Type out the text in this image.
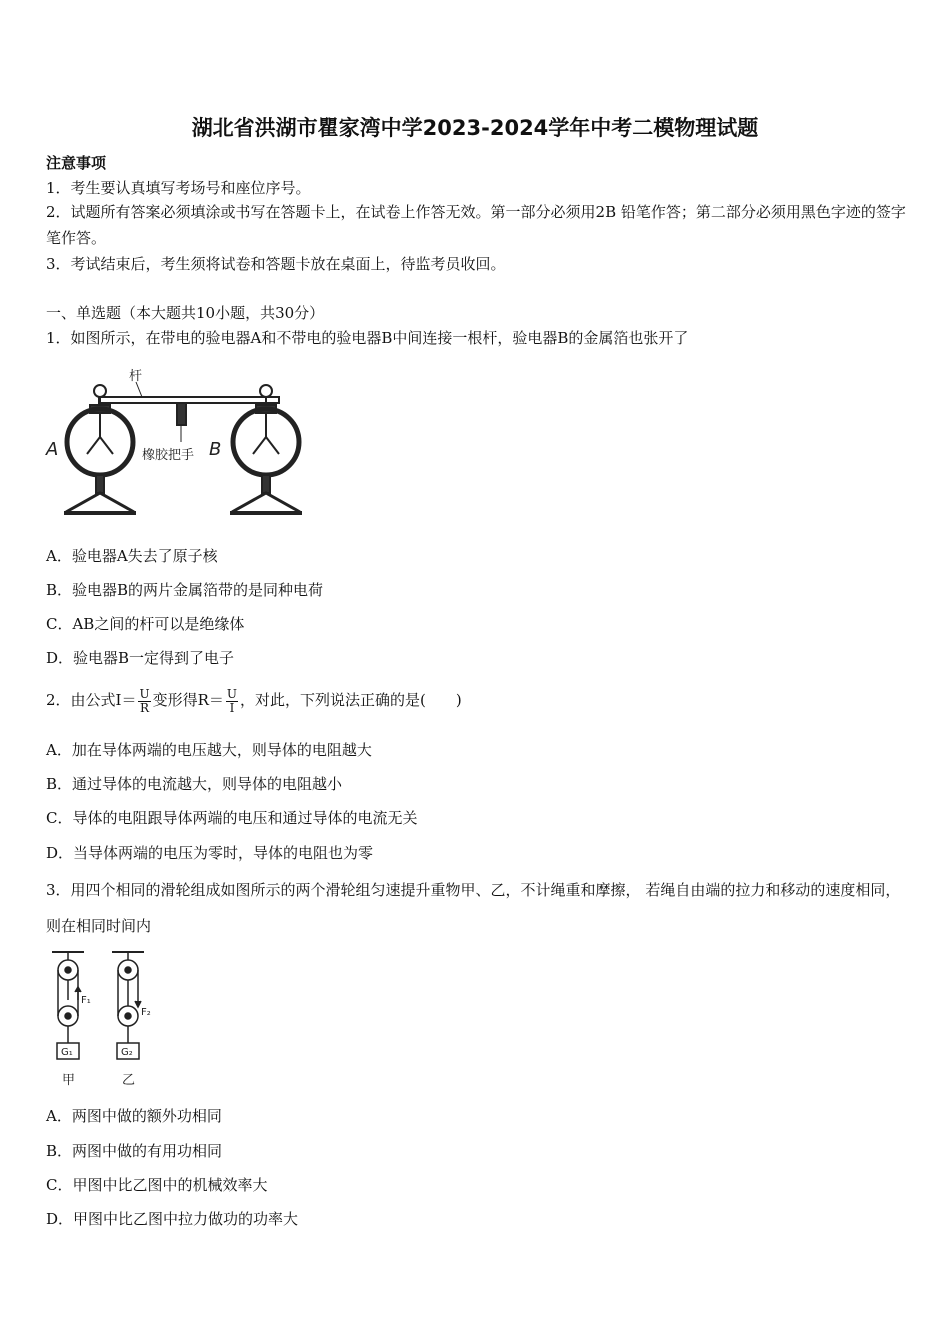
湖北省洪湖市瞿家湾中学2023-2024学年中考二模物理试题
注意事项
1．考生要认真填写考场号和座位序号。
2．试题所有答案必须填涂或书写在答题卡上，在试卷上作答无效。第一部分必须用2B 铅笔作答；第二部分必须用黑色字迹的签字笔作答。
3．考试结束后，考生须将试卷和答题卡放在桌面上，待监考员收回。
一、单选题（本大题共10小题，共30分）
1．如图所示，在带电的验电器A和不带电的验电器B中间连接一根杆，验电器B的金属箔也张开了
杆
A	B
橡胶把手
A．验电器A失去了原子核
B．验电器B的两片金属箔带的是同种电荷
C．AB之间的杆可以是绝缘体
D．验电器B一定得到了电子
2．由公式$I= \frac{U}{R}$ 变形得$R= \frac{U}{I}$ ，对此，下列说法正确的是(　　)
A．加在导体两端的电压越大，则导体的电阻越大
B．通过导体的电流越大，则导体的电阻越小
C．导体的电阻跟导体两端的电压和通过导体的电流无关
D．当导体两端的电压为零时，导体的电阻也为零
3．用四个相同的滑轮组成如图所示的两个滑轮组匀速提升重物甲、乙，不计绳重和摩擦， 若绳自由端的拉力和移动的速度相同，则在相同时间内
F₁
F₂
G₁	G₂
甲	乙
A．两图中做的额外功相同
B．两图中做的有用功相同
C．甲图中比乙图中的机械效率大
D．甲图中比乙图中拉力做功的功率大
